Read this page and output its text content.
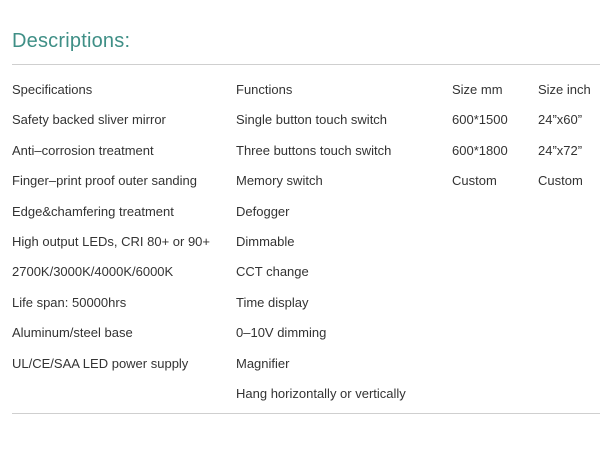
Descriptions:
Specifications
Safety backed sliver mirror
Anti–corrosion treatment
Finger–print proof outer sanding
Edge&chamfering treatment
High output LEDs, CRI 80+ or 90+
2700K/3000K/4000K/6000K
Life span: 50000hrs
Aluminum/steel base
UL/CE/SAA LED power supply
Functions
Single button touch switch
Three buttons touch switch
Memory switch
Defogger
Dimmable
CCT change
Time display
0–10V dimming
Magnifier
Hang horizontally or vertically
Size mm
600*1500
600*1800
Custom
Size inch
24”x60”
24”x72”
Custom
